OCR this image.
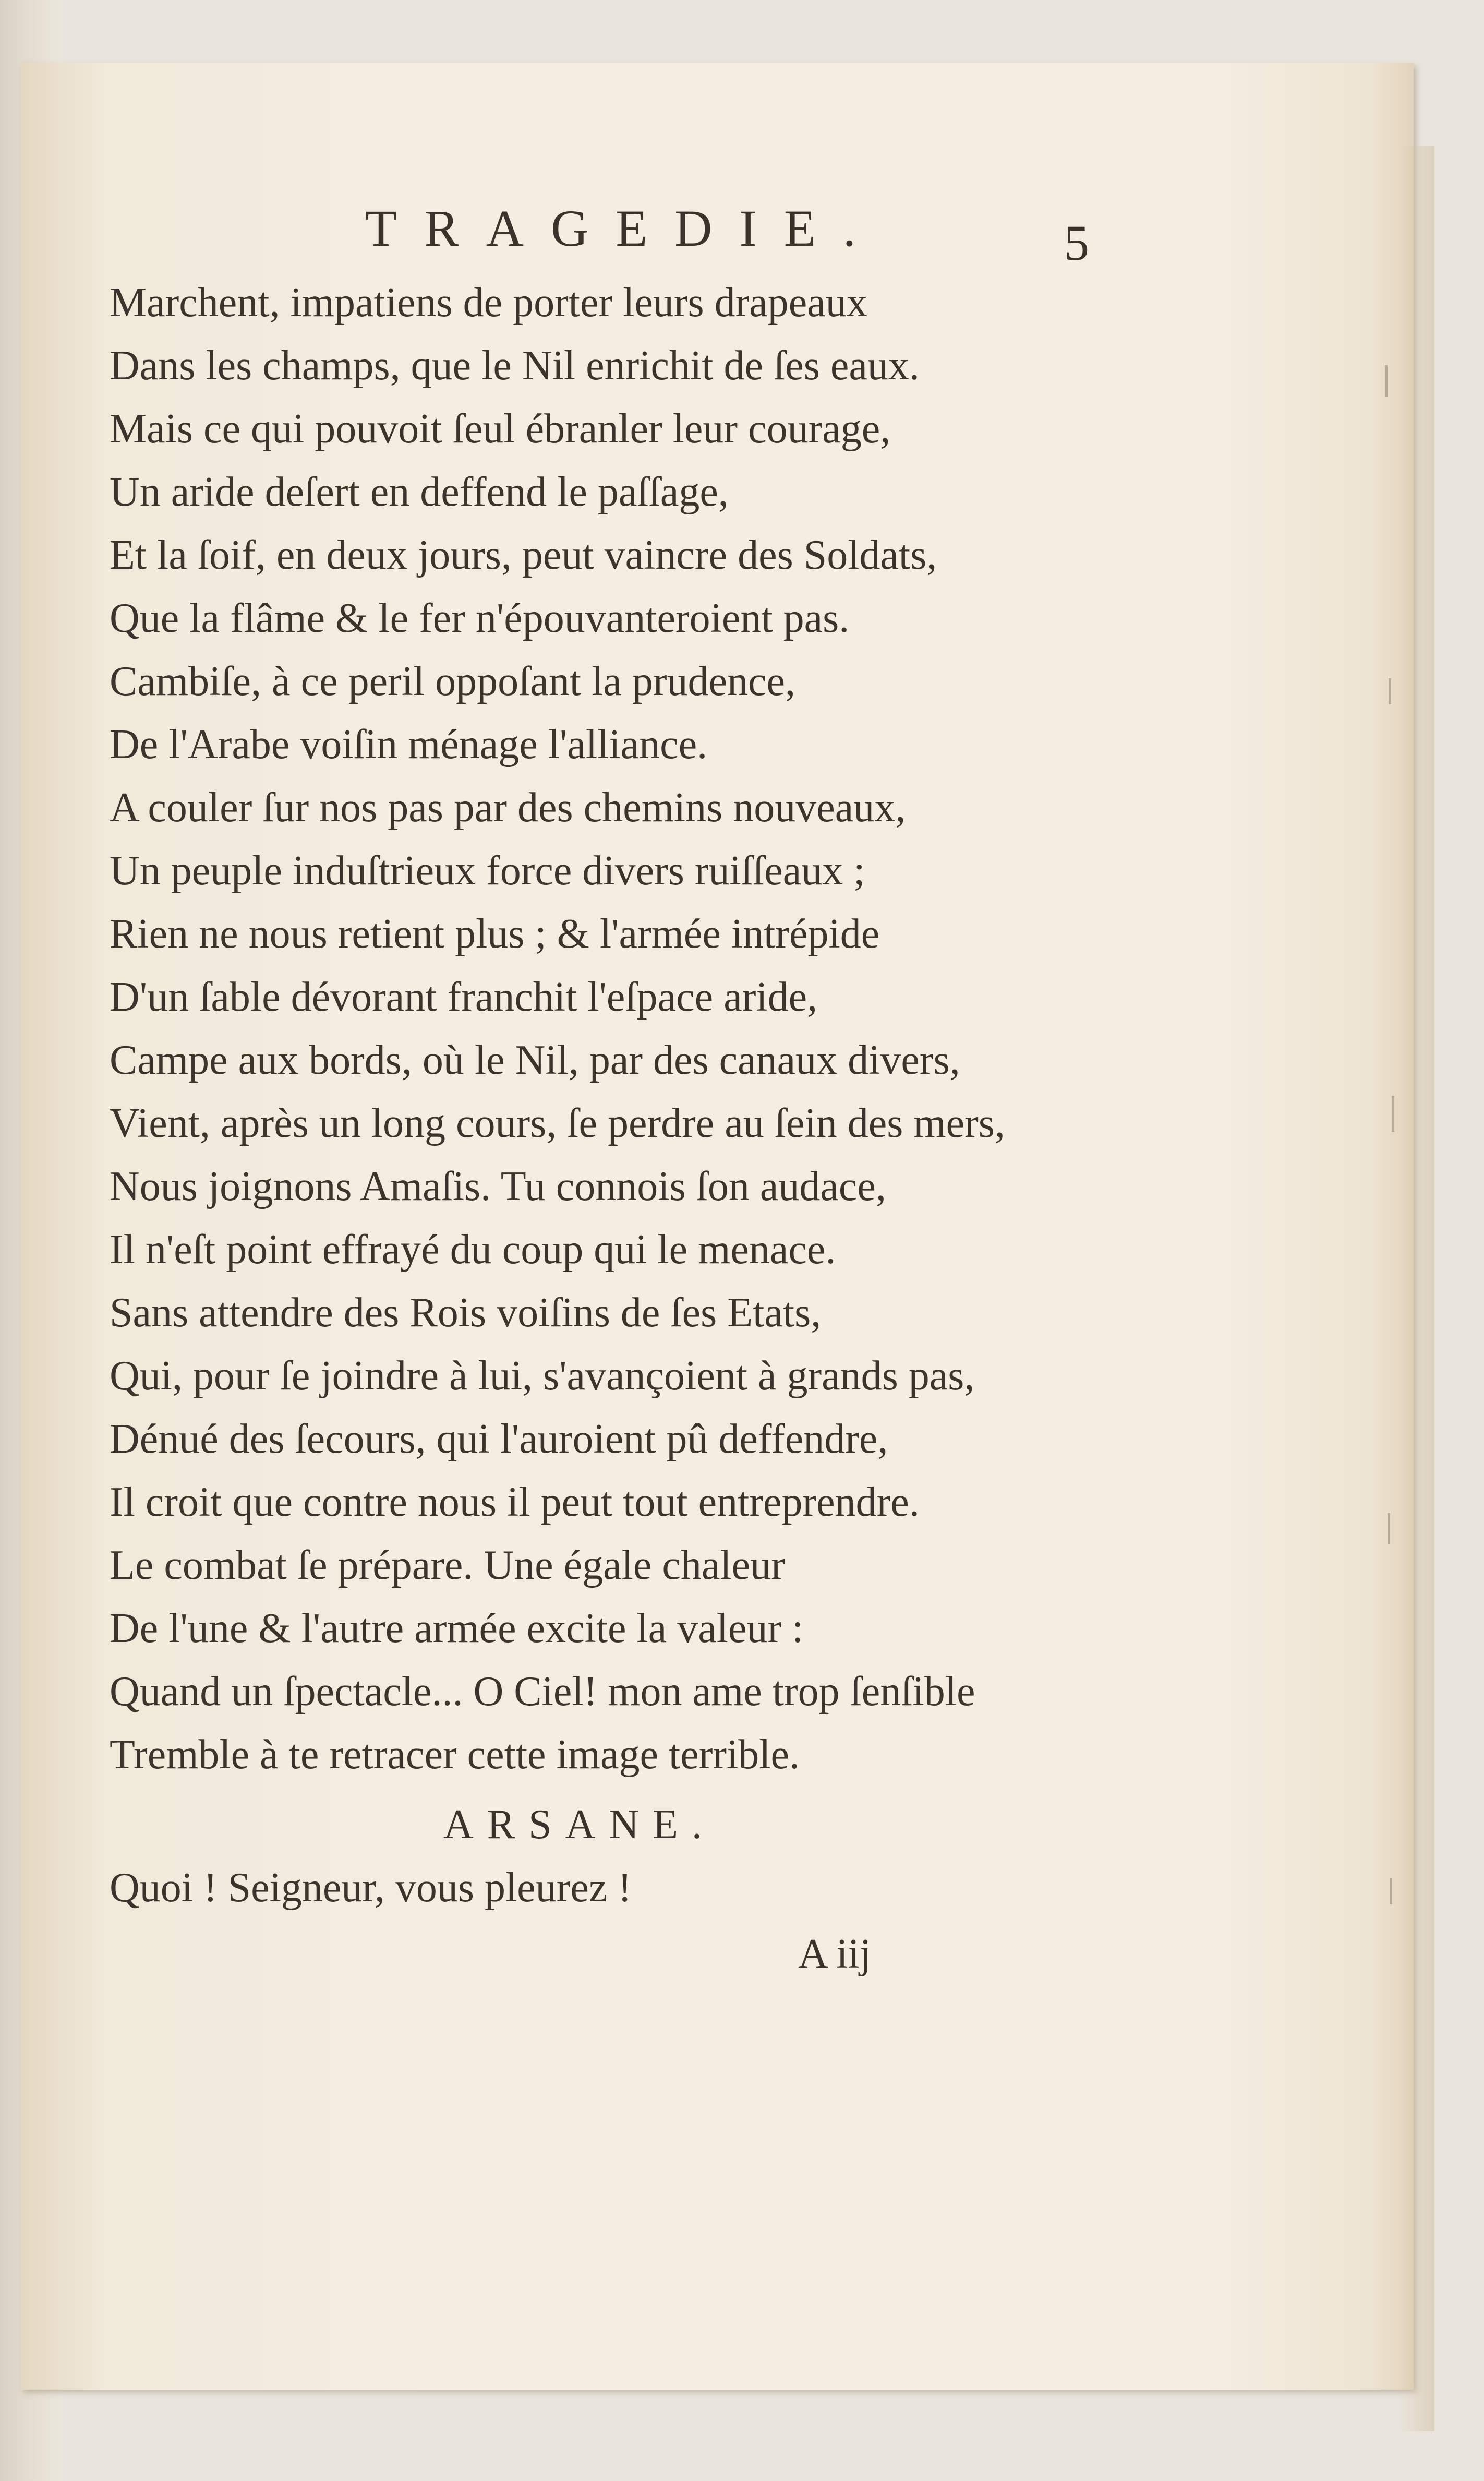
TRAGEDIE.	5
Marchent, impatiens de porter leurs drapeaux
Dans les champs, que le Nil enrichit de ſes eaux.
Mais ce qui pouvoit ſeul ébranler leur courage,
Un aride deſert en deffend le paſſage,
Et la ſoif, en deux jours, peut vaincre des Soldats,
Que la flâme & le fer n'épouvanteroient pas.
Cambiſe, à ce peril oppoſant la prudence,
De l'Arabe voiſin ménage l'alliance.
A couler ſur nos pas par des chemins nouveaux,
Un peuple induſtrieux force divers ruiſſeaux ;
Rien ne nous retient plus ; & l'armée intrépide
D'un ſable dévorant franchit l'eſpace aride,
Campe aux bords, où le Nil, par des canaux divers,
Vient, après un long cours, ſe perdre au ſein des mers,
Nous joignons Amaſis. Tu connois ſon audace,
Il n'eſt point effrayé du coup qui le menace.
Sans attendre des Rois voiſins de ſes Etats,
Qui, pour ſe joindre à lui, s'avançoient à grands pas,
Dénué des ſecours, qui l'auroient pû deffendre,
Il croit que contre nous il peut tout entreprendre.
Le combat ſe prépare. Une égale chaleur
De l'une & l'autre armée excite la valeur :
Quand un ſpectacle... O Ciel! mon ame trop ſenſible
Tremble à te retracer cette image terrible.
ARSANE.
Quoi ! Seigneur, vous pleurez !
A iij
